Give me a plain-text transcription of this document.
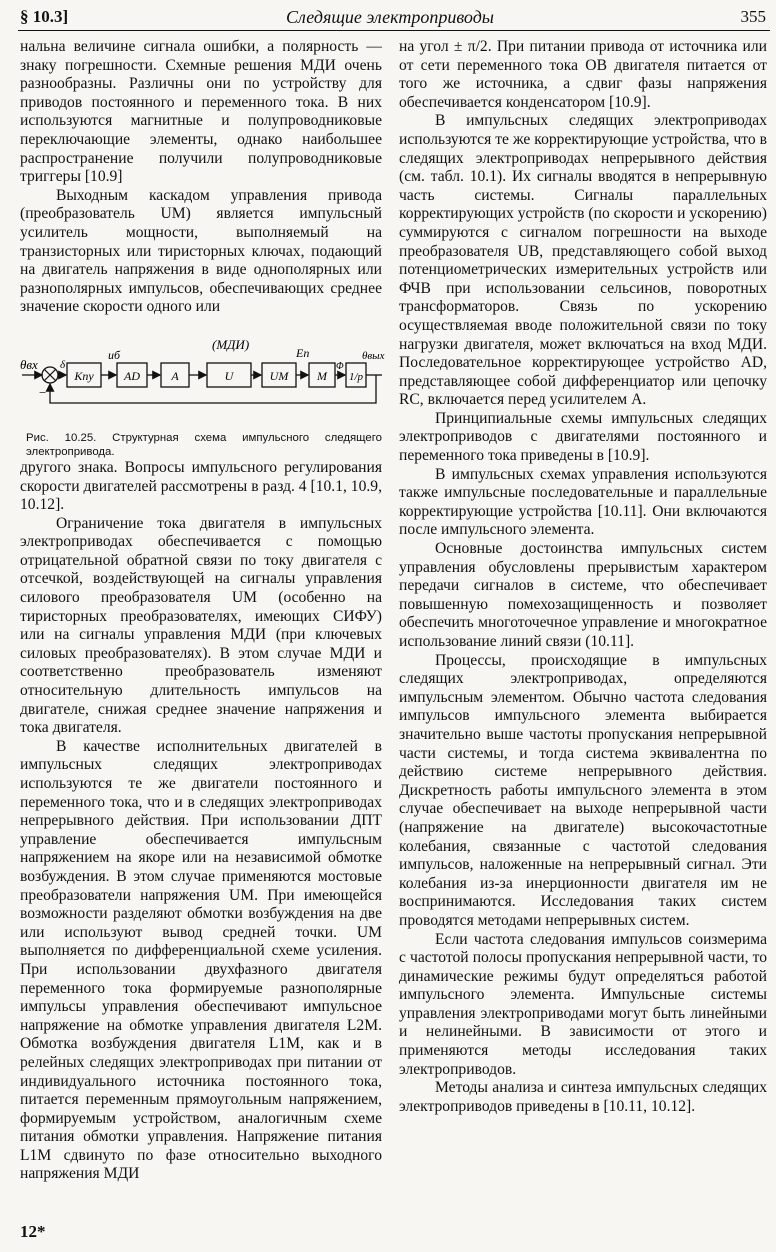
§ 10.3]	Следящие электроприводы	355

нальна величине сигнала ошибки, а полярность — знаку погрешности. Схемные решения МДИ очень разнообразны. Различны они по устройству для приводов постоянного и переменного тока. В них используются магнитные и полупроводниковые переключающие элементы, однако наибольшее распространение получили полупроводниковые триггеры [10.9]

Выходным каскадом управления привода (преобразователь UM) является импульсный усилитель мощности, выполняемый на транзисторных или тиристорных ключах, подающий на двигатель напряжения в виде однополярных или разнополярных импульсов, обеспечивающих среднее значение скорости одного или

θвх δ
Kпу
uб
AD	A
(МДИ)
U	UM
Eп
M
Φ
1/p
θвых
−

Рис. 10.25. Структурная схема импульсного следящего электропривода.

другого знака. Вопросы импульсного регулирования скорости двигателей рассмотрены в разд. 4 [10.1, 10.9, 10.12].

Ограничение тока двигателя в импульсных электроприводах обеспечивается с помощью отрицательной обратной связи по току двигателя с отсечкой, воздействующей на сигналы управления силового преобразователя UM (особенно на тиристорных преобразователях, имеющих СИФУ) или на сигналы управления МДИ (при ключевых силовых преобразователях). В этом случае МДИ и соответственно преобразователь изменяют относительную длительность импульсов на двигателе, снижая среднее значение напряжения и тока двигателя.

В качестве исполнительных двигателей в импульсных следящих электроприводах используются те же двигатели постоянного и переменного тока, что и в следящих электроприводах непрерывного действия. При использовании ДПТ управление обеспечивается импульсным напряжением на якоре или на независимой обмотке возбуждения. В этом случае применяются мостовые преобразователи напряжения UM. При имеющейся возможности разделяют обмотки возбуждения на две или используют вывод средней точки. UM выполняется по дифференциальной схеме усиления. При использовании двухфазного двигателя переменного тока формируемые разнополярные импульсы управления обеспечивают импульсное напряжение на обмотке управления двигателя L2M. Обмотка возбуждения двигателя L1M, как и в релейных следящих электроприводах при питании от индивидуального источника постоянного тока, питается переменным прямоугольным напряжением, формируемым устройством, аналогичным схеме питания обмотки управления. Напряжение питания L1M сдвинуто по фазе относительно выходного напряжения МДИ

на угол ± π/2. При питании привода от источника или от сети переменного тока ОВ двигателя питается от того же источника, а сдвиг фазы напряжения обеспечивается конденсатором [10.9].

В импульсных следящих электроприводах используются те же корректирующие устройства, что в следящих электроприводах непрерывного действия (см. табл. 10.1). Их сигналы вводятся в непрерывную часть системы. Сигналы параллельных корректирующих устройств (по скорости и ускорению) суммируются с сигналом погрешности на выходе преобразователя UB, представляющего собой выход потенциометрических измерительных устройств или ФЧВ при использовании сельсинов, поворотных трансформаторов. Связь по ускорению осуществляемая вводе положительной связи по току нагрузки двигателя, может включаться на вход МДИ. Последовательное корректирующее устройство AD, представляющее собой дифференциатор или цепочку RC, включается перед усилителем A.

Принципиальные схемы импульсных следящих электроприводов с двигателями постоянного и переменного тока приведены в [10.9].

В импульсных схемах управления используются также импульсные последовательные и параллельные корректирующие устройства [10.11]. Они включаются после импульсного элемента.

Основные достоинства импульсных систем управления обусловлены прерывистым характером передачи сигналов в системе, что обеспечивает повышенную помехозащищенность и позволяет обеспечить многоточечное управление и многократное использование линий связи (10.11].

Процессы, происходящие в импульсных следящих электроприводах, определяются импульсным элементом. Обычно частота следования импульсов импульсного элемента выбирается значительно выше частоты пропускания непрерывной части системы, и тогда система эквивалентна по действию системе непрерывного действия. Дискретность работы импульсного элемента в этом случае обеспечивает на выходе непрерывной части (напряжение на двигателе) высокочастотные колебания, связанные с частотой следования импульсов, наложенные на непрерывный сигнал. Эти колебания из-за инерционности двигателя им не воспринимаются. Исследования таких систем проводятся методами непрерывных систем.

Если частота следования импульсов соизмерима с частотой полосы пропускания непрерывной части, то динамические режимы будут определяться работой импульсного элемента. Импульсные системы управления электроприводами могут быть линейными и нелинейными. В зависимости от этого и применяются методы исследования таких электроприводов.

Методы анализа и синтеза импульсных следящих электроприводов приведены в [10.11, 10.12].

12*
